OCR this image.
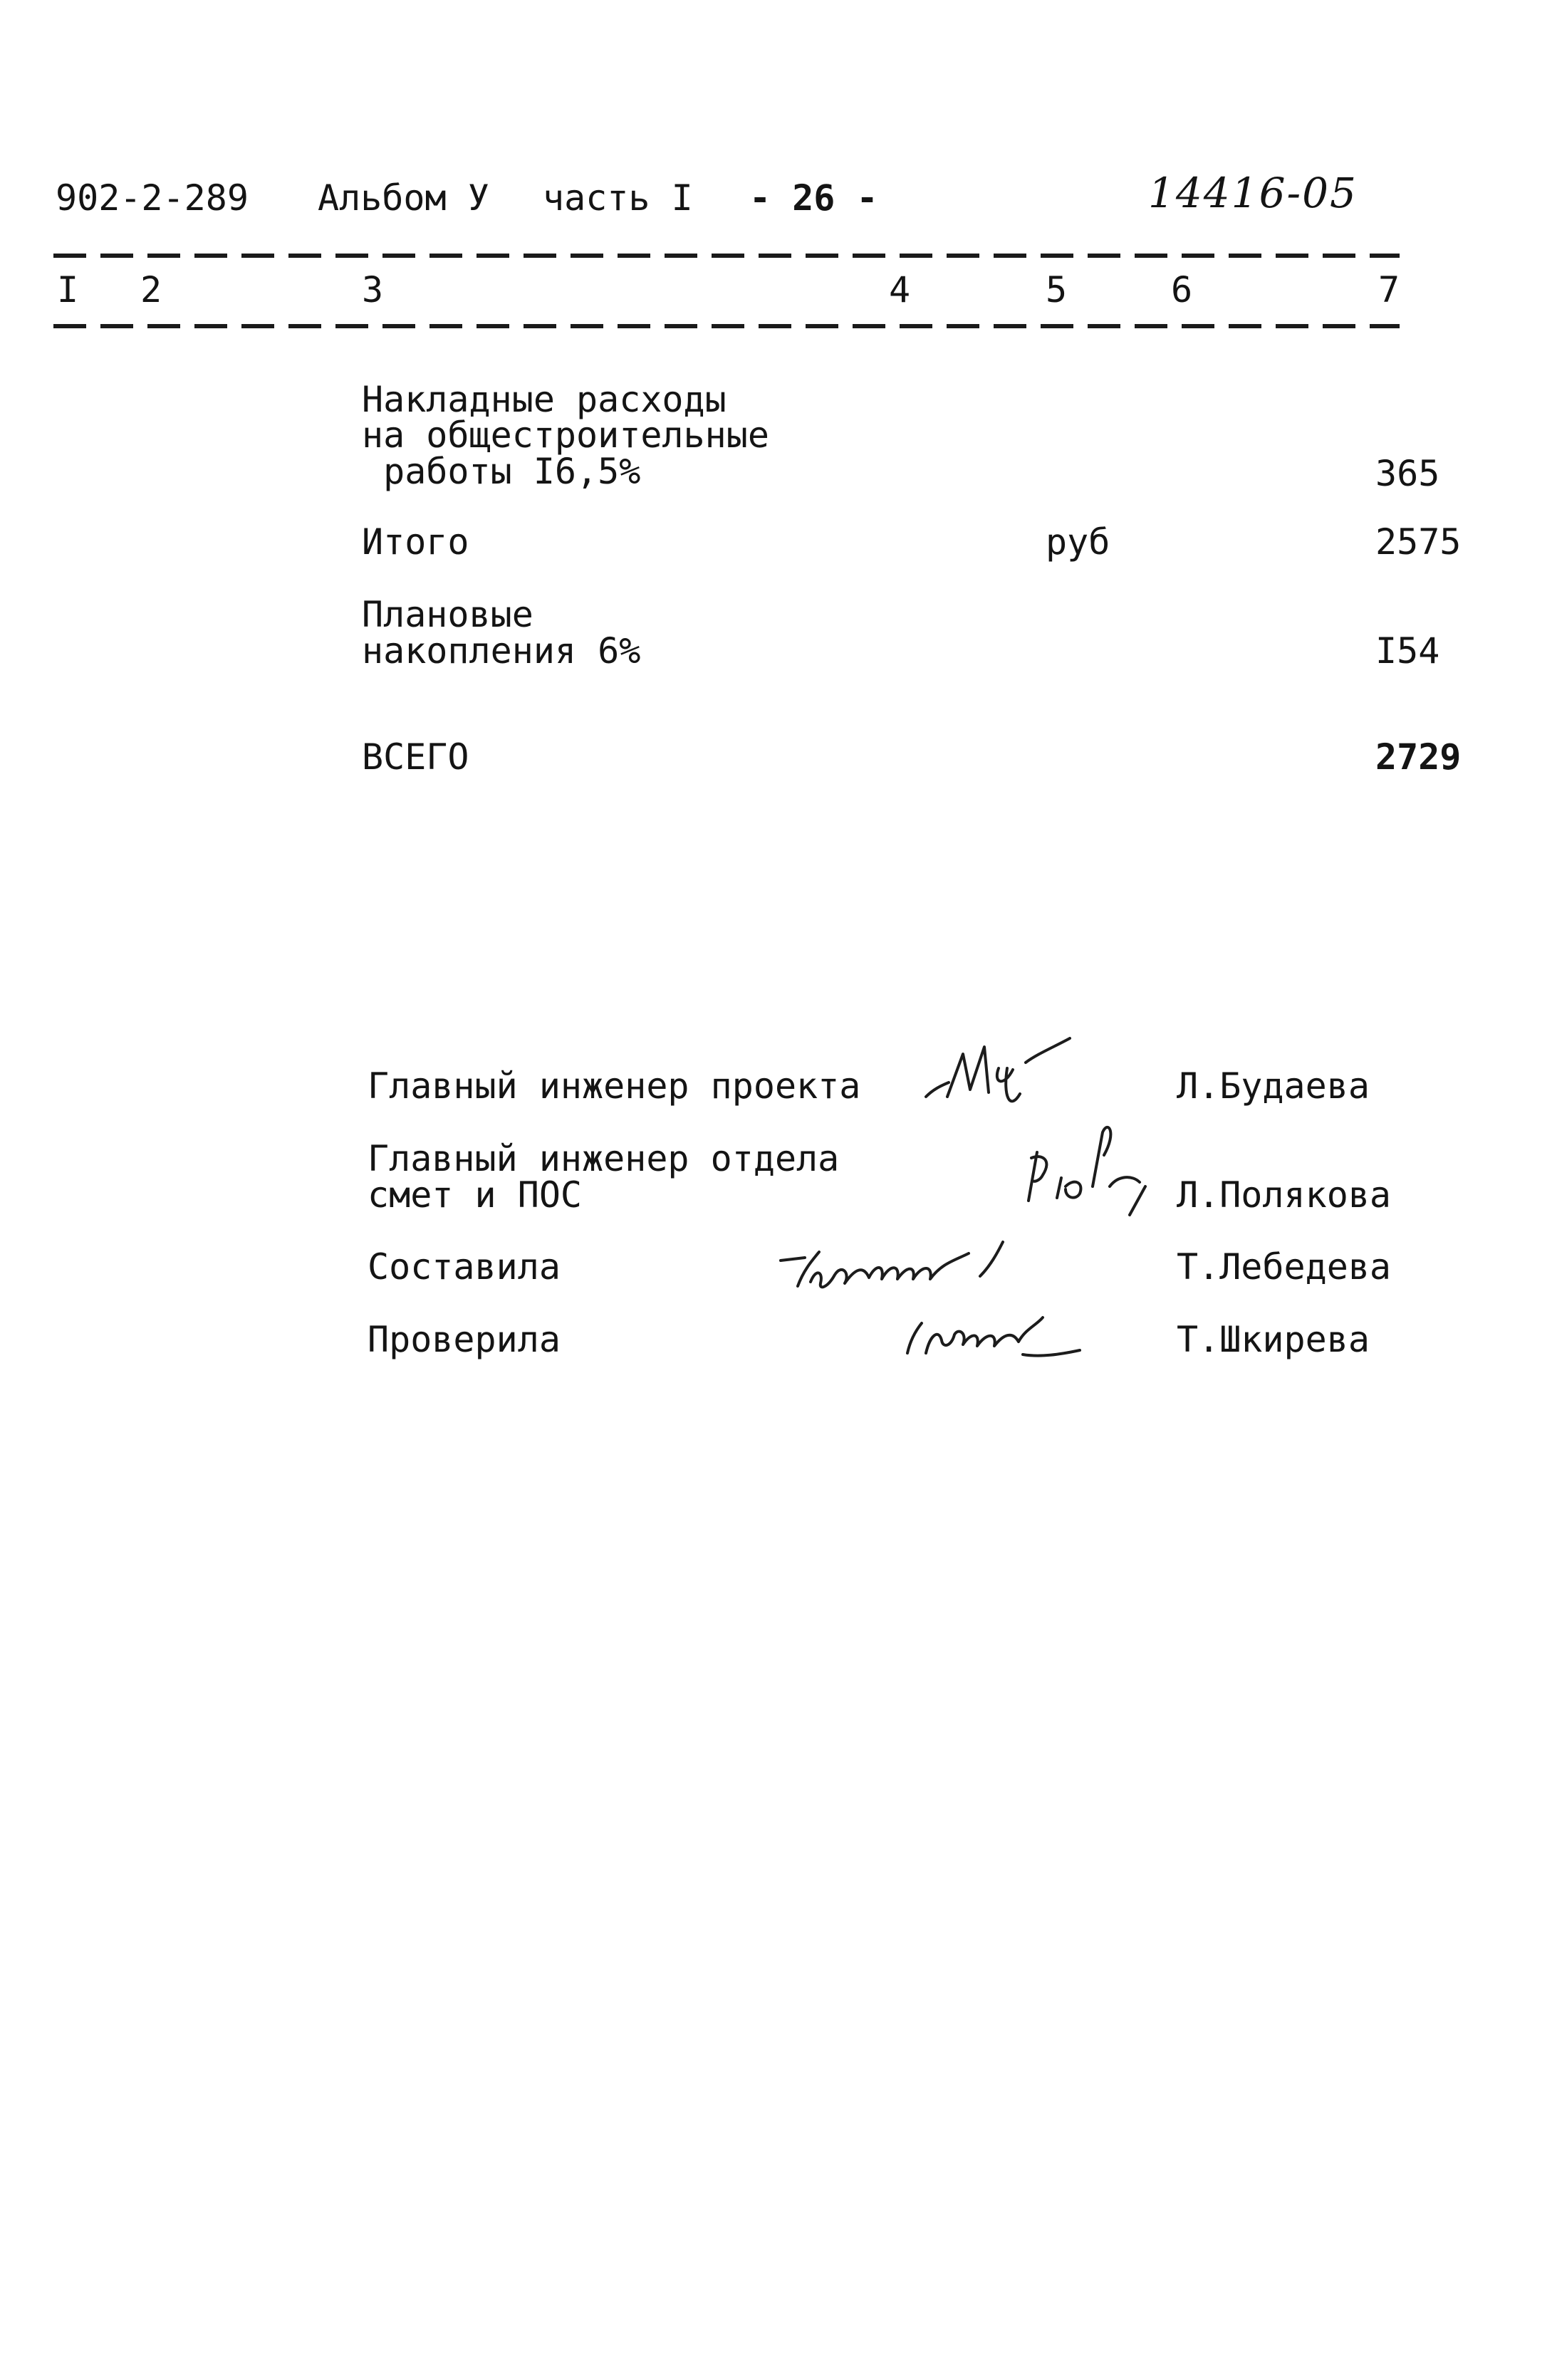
902-2-289 Альбом У часть I - 26 -	14416-05
I 2	3	4	5	6	7
Накладные расходы
на общестроительные
работы I6,5%	365
Итого	руб	2575
Плановые
накопления 6%	I54
ВСЕГО	2729
Главный инженер проекта	Л.Будаева
Главный инженер отдела
смет и ПОС	Л.Полякова
Составила	Т.Лебедева
Проверила	Т.Шкирева
